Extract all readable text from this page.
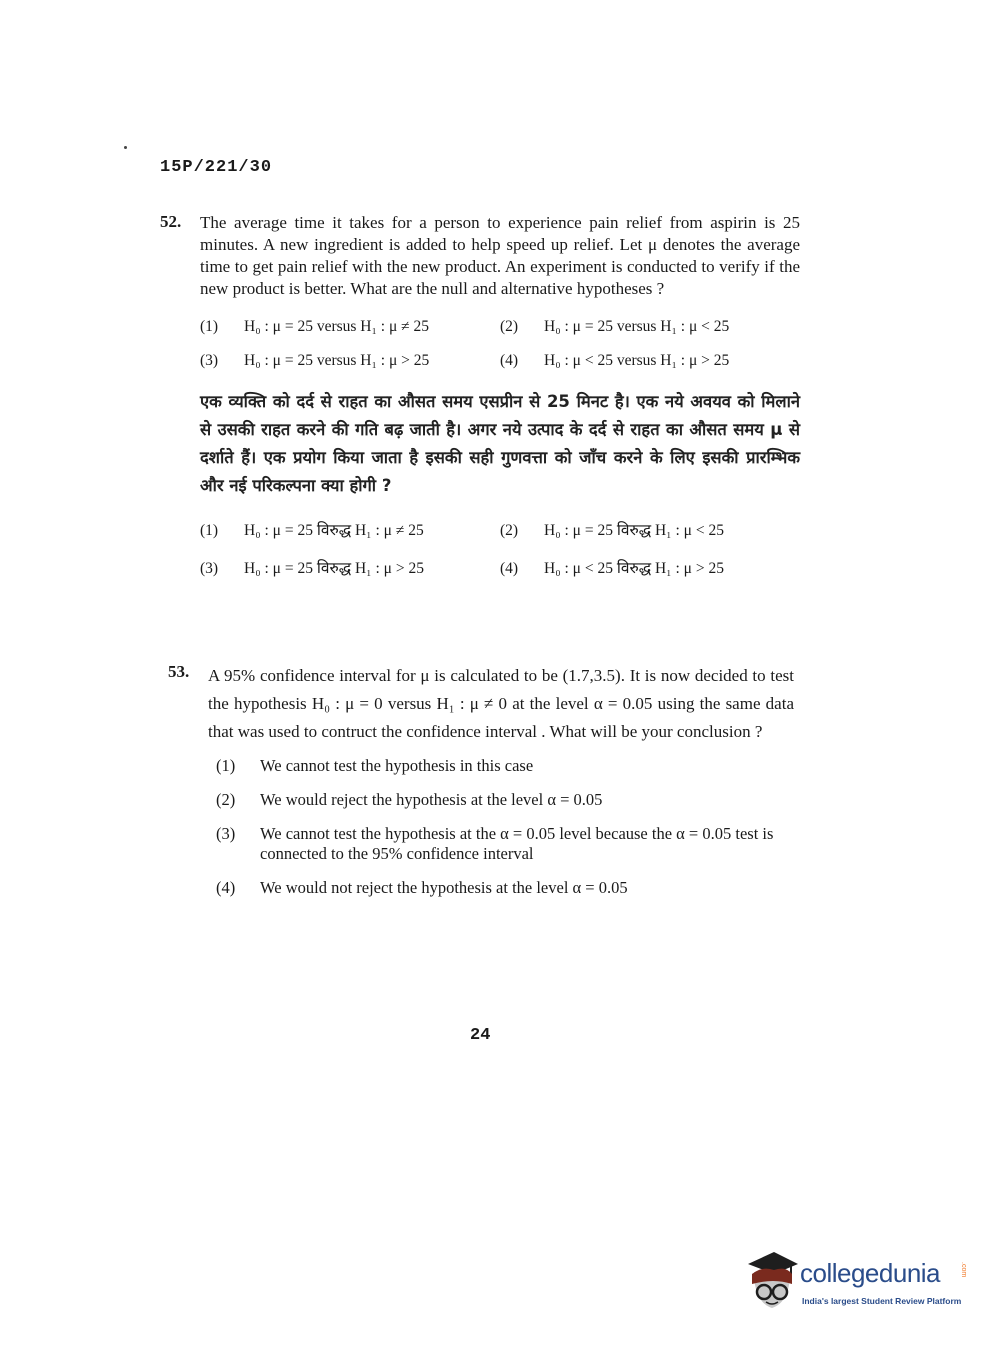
15P/221/30
52. The average time it takes for a person to experience pain relief from aspirin is 25 minutes. A new ingredient is added to help speed up relief. Let μ denotes the average time to get pain relief with the new product. An experiment is conducted to verify if the new product is better. What are the null and alternative hypotheses ?
(1)	H₀ : μ = 25 versus H₁ : μ ≠ 25	(2)	H₀ : μ = 25 versus H₁ : μ < 25
(3)	H₀ : μ = 25 versus H₁ : μ > 25	(4)	H₀ : μ < 25 versus H₁ : μ > 25
एक व्यक्ति को दर्द से राहत का औसत समय एसप्रीन से 25 मिनट है। एक नये अवयव को मिलाने से उसकी राहत करने की गति बढ़ जाती है। अगर नये उत्पाद के दर्द से राहत का औसत समय μ से दर्शाते हैं। एक प्रयोग किया जाता है इसकी सही गुणवत्ता को जाँच करने के लिए इसकी प्रारम्भिक और नई परिकल्पना क्या होगी ?
(1)	H₀ : μ = 25 विरुद्ध H₁ : μ ≠ 25	(2)	H₀ : μ = 25 विरुद्ध H₁ : μ < 25
(3)	H₀ : μ = 25 विरुद्ध H₁ : μ > 25	(4)	H₀ : μ < 25 विरुद्ध H₁ : μ > 25
53. A 95% confidence interval for μ is calculated to be (1.7,3.5). It is now decided to test the hypothesis H₀ : μ = 0 versus H₁ : μ ≠ 0 at the level α = 0.05 using the same data that was used to contruct the confidence interval . What will be your conclusion ?
(1)	We cannot test the hypothesis in this case
(2)	We would reject the hypothesis at the level α = 0.05
(3)	We cannot test the hypothesis at the α = 0.05 level because the α = 0.05 test is connected to the 95% confidence interval
(4)	We would not reject the hypothesis at the level α = 0.05
24
collegedunia	.com
India's largest Student Review Platform
